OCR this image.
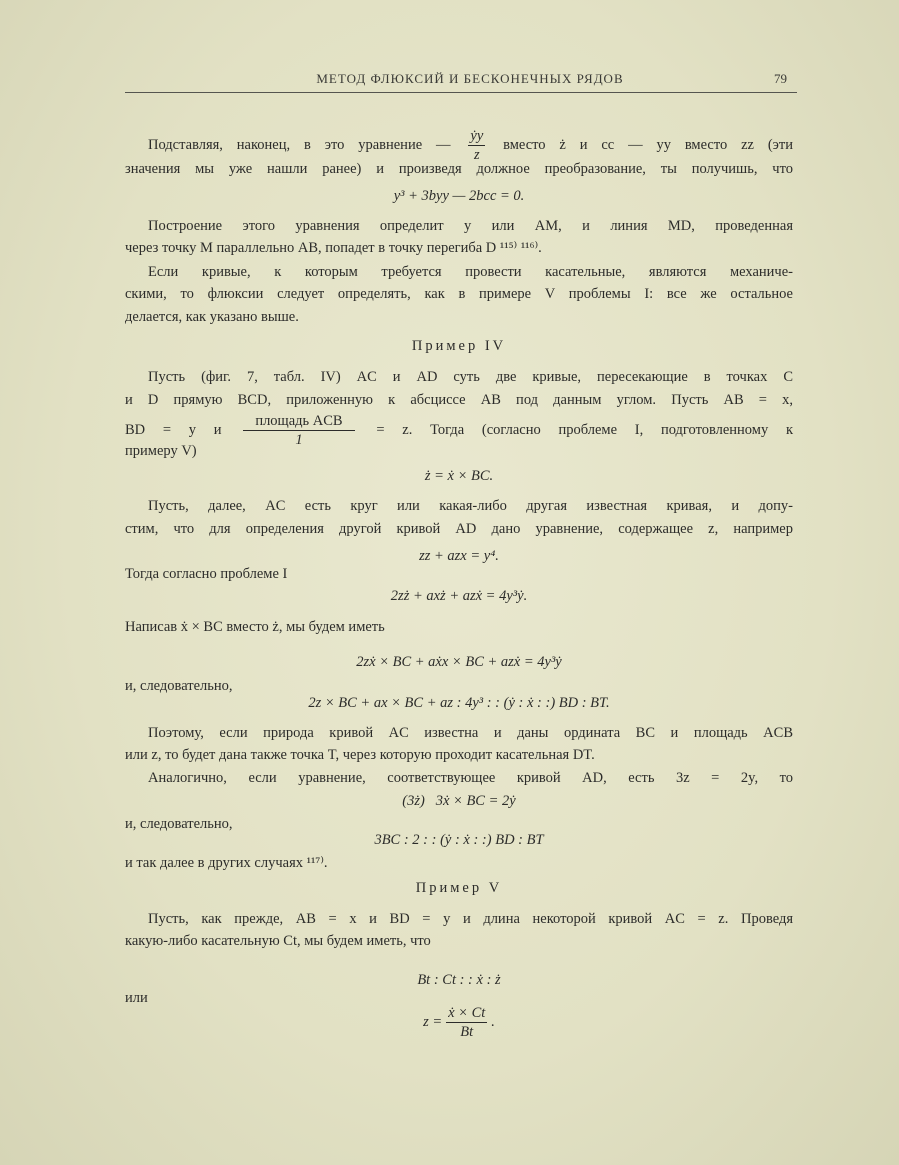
МЕТОД ФЛЮКСИЙ И БЕСКОНЕЧНЫХ РЯДОВ	79
Подставляя, наконец, в это уравнение — $\frac{\text{ẏy}}{z}$ вместо ż и cc — yy вместо zz (эти
значения мы уже нашли ранее) и произведя должное преобразование, ты получишь, что
y³ + 3byy — 2bcc = 0.
Построение этого уравнения определит y или AM, и линия MD, проведенная
через точку M параллельно AB, попадет в точку перегиба D ¹¹⁵⁾ ¹¹⁶⁾.
Если кривые, к которым требуется провести касательные, являются механиче-
скими, то флюксии следует определять, как в примере V проблемы I: все же остальное
делается, как указано выше.
Пример IV
Пусть (фиг. 7, табл. IV) AC и AD суть две кривые, пересекающие в точках C
и D прямую BCD, приложенную к абсциссе AB под данным углом. Пусть AB = x,
BD = y и $\frac{\text{площадь ACB}}{1} = z$. Тогда (согласно проблеме I, подготовленному к
примеру V)
ż = ẋ × BC.
Пусть, далее, AC есть круг или какая-либо другая известная кривая, и допу-
стим, что для определения другой кривой AD дано уравнение, содержащее z, например
zz + azx = y⁴.
Тогда согласно проблеме I
2zż + axż + azẋ = 4y³ẏ.
Написав ẋ × BC вместо ż, мы будем иметь
2zẋ × BC + aẋx × BC + azẋ = 4y³ẏ
и, следовательно,
2z × BC + ax × BC + az : 4y³ : : (ẏ : ẋ : :) BD : BT.
Поэтому, если природа кривой AC известна и даны ордината BC и площадь ACB
или z, то будет дана также точка T, через которую проходит касательная DT.
Аналогично, если уравнение, соответствующее кривой AD, есть 3z = 2y, то
(3ż)   3ẋ × BC = 2ẏ
и, следовательно,
3BC : 2 : : (ẏ : ẋ : :) BD : BT
и так далее в других случаях ¹¹⁷⁾.
Пример V
Пусть, как прежде, AB = x и BD = y и длина некоторой кривой AC = z. Проведя
какую-либо касательную Ct, мы будем иметь, что
Bt : Ct : : ẋ : ż
или
$z = \frac{\text{ẋ × Ct}}{Bt}$ .
